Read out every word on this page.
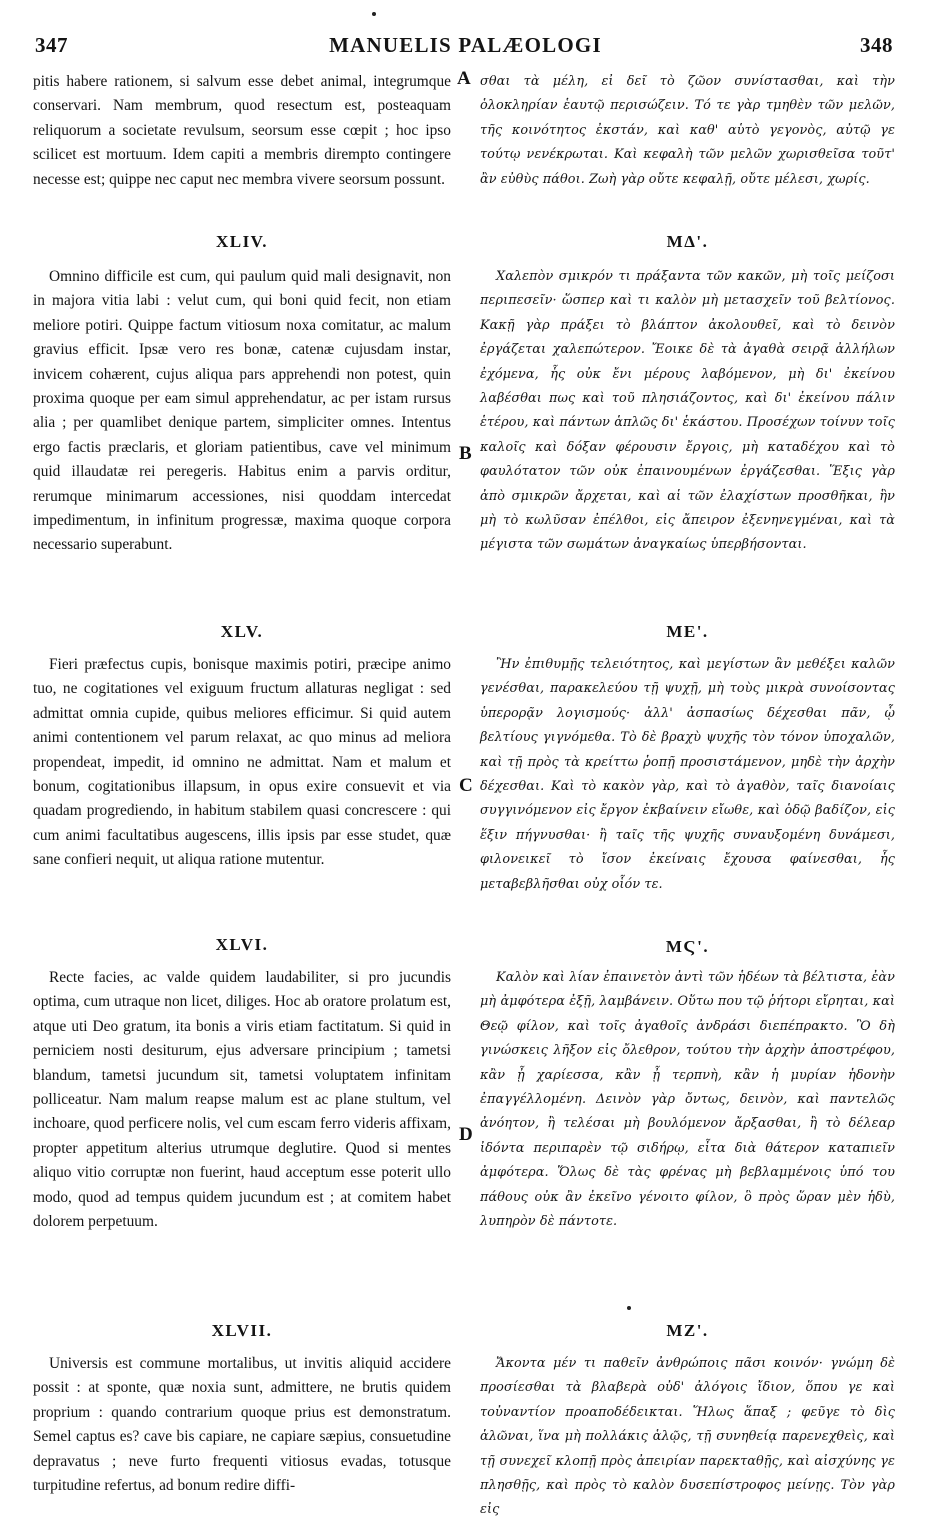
347	MANUELIS PALÆOLOGI	348
A
B
C
D

pitis habere rationem, si salvum esse debet animal, integrumque conservari. Nam membrum, quod resectum est, posteaquam reliquorum a societate revulsum, seorsum esse cœpit ; hoc ipso scilicet est mortuum. Idem capiti a membris dirempto contingere necesse est; quippe nec caput nec membra vivere seorsum possunt.

XLIV.

Omnino difficile est cum, qui paulum quid mali designavit, non in majora vitia labi : velut cum, qui boni quid fecit, non etiam meliore potiri. Quippe factum vitiosum noxa comitatur, ac malum gravius efficit. Ipsæ vero res bonæ, catenæ cujusdam instar, invicem cohærent, cujus aliqua pars apprehendi non potest, quin proxima quoque per eam simul apprehendatur, ac per istam rursus alia ; per quamlibet denique partem, simpliciter omnes. Intentus ergo factis præclaris, et gloriam patientibus, cave vel minimum quid illaudatæ rei peregeris. Habitus enim a parvis orditur, rerumque minimarum accessiones, nisi quoddam intercedat impedimentum, in infinitum progressæ, maxima quoque corpora necessario superabunt.

XLV.

Fieri præfectus cupis, bonisque maximis potiri, præcipe animo tuo, ne cogitationes vel exiguum fructum allaturas negligat : sed admittat omnia cupide, quibus meliores efficimur. Si quid autem animi contentionem vel parum relaxat, ac quo minus ad meliora propendeat, impedit, id omnino ne admittat. Nam et malum et bonum, cogitationibus illapsum, in opus exire consuevit et via quadam progrediendo, in habitum stabilem quasi concrescere : qui cum animi facultatibus augescens, illis ipsis par esse studet, quæ sane confieri nequit, ut aliqua ratione mutentur.

XLVI.

Recte facies, ac valde quidem laudabiliter, si pro jucundis optima, cum utraque non licet, diliges. Hoc ab oratore prolatum est, atque uti Deo gratum, ita bonis a viris etiam factitatum. Si quid in perniciem nosti desiturum, ejus adversare principium ; tametsi blandum, tametsi jucundum sit, tametsi voluptatem infinitam polliceatur. Nam malum reapse malum est ac plane stultum, vel inchoare, quod perficere nolis, vel cum escam ferro videris affixam, propter appetitum alterius utrumque deglutire. Quod si mentes aliquo vitio corruptæ non fuerint, haud acceptum esse poterit ullo modo, quod ad tempus quidem jucundum est ; at comitem habet dolorem perpetuum.

XLVII.

Universis est commune mortalibus, ut invitis aliquid accidere possit : at sponte, quæ noxia sunt, admittere, ne brutis quidem proprium : quando contrarium quoque prius est demonstratum. Semel captus es? cave bis capiare, ne capiare sæpius, consuetudine depravatus ; neve furto frequenti vitiosus evadas, totusque turpitudine refertus, ad bonum redire diffi-

σθαι τὰ μέλη, εἰ δεῖ τὸ ζῶον συνίστασθαι, καὶ τὴν ὁλοκληρίαν ἑαυτῷ περισώζειν. Τό τε γὰρ τμηθὲν τῶν μελῶν, τῆς κοινότητος ἐκστάν, καὶ καθ' αὑτὸ γεγονὸς, αὐτῷ γε τούτῳ νενέκρωται. Καὶ κεφαλὴ τῶν μελῶν χωρισθεῖσα τοῦτ' ἂν εὐθὺς πάθοι. Ζωὴ γὰρ οὔτε κεφαλῇ, οὔτε μέλεσι, χωρίς.

ΜΔ'.

Χαλεπὸν σμικρόν τι πράξαντα τῶν κακῶν, μὴ τοῖς μείζοσι περιπεσεῖν· ὥσπερ καὶ τι καλὸν μὴ μετασχεῖν τοῦ βελτίονος. Κακῇ γὰρ πράξει τὸ βλάπτον ἀκολουθεῖ, καὶ τὸ δεινὸν ἐργάζεται χαλεπώτερον. Ἔοικε δὲ τὰ ἀγαθὰ σειρᾷ ἀλλήλων ἐχόμενα, ἧς οὐκ ἔνι μέρους λαβόμενον, μὴ δι' ἐκείνου λαβέσθαι πως καὶ τοῦ πλησιάζοντος, καὶ δι' ἐκείνου πάλιν ἑτέρου, καὶ πάντων ἁπλῶς δι' ἑκάστου. Προσέχων τοίνυν τοῖς καλοῖς καὶ δόξαν φέρουσιν ἔργοις, μὴ καταδέχου καὶ τὸ φαυλότατον τῶν οὐκ ἐπαινουμένων ἐργάζεσθαι. Ἕξις γὰρ ἀπὸ σμικρῶν ἄρχεται, καὶ αἱ τῶν ἐλαχίστων προσθῆκαι, ἣν μὴ τὸ κωλῦσαν ἐπέλθοι, εἰς ἄπειρον ἐξενηνεγμέναι, καὶ τὰ μέγιστα τῶν σωμάτων ἀναγκαίως ὑπερβήσονται.

ΜΕ'.

Ἢν ἐπιθυμῇς τελειότητος, καὶ μεγίστων ἂν μεθέξει καλῶν γενέσθαι, παρακελεύου τῇ ψυχῇ, μὴ τοὺς μικρὰ συνοίσοντας ὑπερορᾷν λογισμούς· ἀλλ' ἀσπασίως δέχεσθαι πᾶν, ᾧ βελτίους γιγνόμεθα. Τὸ δὲ βραχὺ ψυχῆς τὸν τόνον ὑποχαλῶν, καὶ τῇ πρὸς τὰ κρείττω ῥοπῇ προσιστάμενον, μηδὲ τὴν ἀρχὴν δέχεσθαι. Καὶ τὸ κακὸν γὰρ, καὶ τὸ ἀγαθὸν, ταῖς διανοίαις συγγινόμενον εἰς ἔργον ἐκβαίνειν εἴωθε, καὶ ὁδῷ βαδίζον, εἰς ἕξιν πήγνυσθαι· ἢ ταῖς τῆς ψυχῆς συναυξομένη δυνάμεσι, φιλονεικεῖ τὸ ἴσον ἐκείναις ἔχουσα φαίνεσθαι, ἧς μεταβεβλῆσθαι οὐχ οἷόν τε.

ΜϚ'.

Καλὸν καὶ λίαν ἐπαινετὸν ἀντὶ τῶν ἡδέων τὰ βέλτιστα, ἐὰν μὴ ἀμφότερα ἐξῇ, λαμβάνειν. Οὕτω που τῷ ῥήτορι εἴρηται, καὶ Θεῷ φίλον, καὶ τοῖς ἀγαθοῖς ἀνδράσι διεπέπρακτο. Ὃ δὴ γινώσκεις λῆξον εἰς ὄλεθρον, τούτου τὴν ἀρχὴν ἀποστρέφου, κἂν ᾖ χαρίεσσα, κἂν ᾖ τερπνὴ, κἂν ἡ μυρίαν ἡδονὴν ἐπαγγέλλομένη. Δεινὸν γὰρ ὄντως, δεινὸν, καὶ παντελῶς ἀνόητον, ἢ τελέσαι μὴ βουλόμενον ἄρξασθαι, ἢ τὸ δέλεαρ ἰδόντα περιπαρὲν τῷ σιδήρῳ, εἶτα διὰ θάτερον καταπιεῖν ἀμφότερα. Ὅλως δὲ τὰς φρένας μὴ βεβλαμμένοις ὑπό του πάθους οὐκ ἂν ἐκεῖνο γένοιτο φίλον, ὃ πρὸς ὥραν μὲν ἡδὺ, λυπηρὸν δὲ πάντοτε.

ΜΖ'.

Ἄκοντα μέν τι παθεῖν ἀνθρώποις πᾶσι κοινόν· γνώμη δὲ προσίεσθαι τὰ βλαβερὰ οὐδ' ἀλόγοις ἴδιον, ὅπου γε καὶ τοὐναντίον προαποδέδεικται. Ἥλως ἅπαξ ; φεῦγε τὸ δὶς ἁλῶναι, ἵνα μὴ πολλάκις ἁλῷς, τῇ συνηθείᾳ παρενεχθεὶς, καὶ τῇ συνεχεῖ κλοπῇ πρὸς ἀπειρίαν παρεκταθῇς, καὶ αἰσχύνης γε πλησθῇς, καὶ πρὸς τὸ καλὸν δυσεπίστροφος μείνῃς. Τὸν γὰρ εἰς
